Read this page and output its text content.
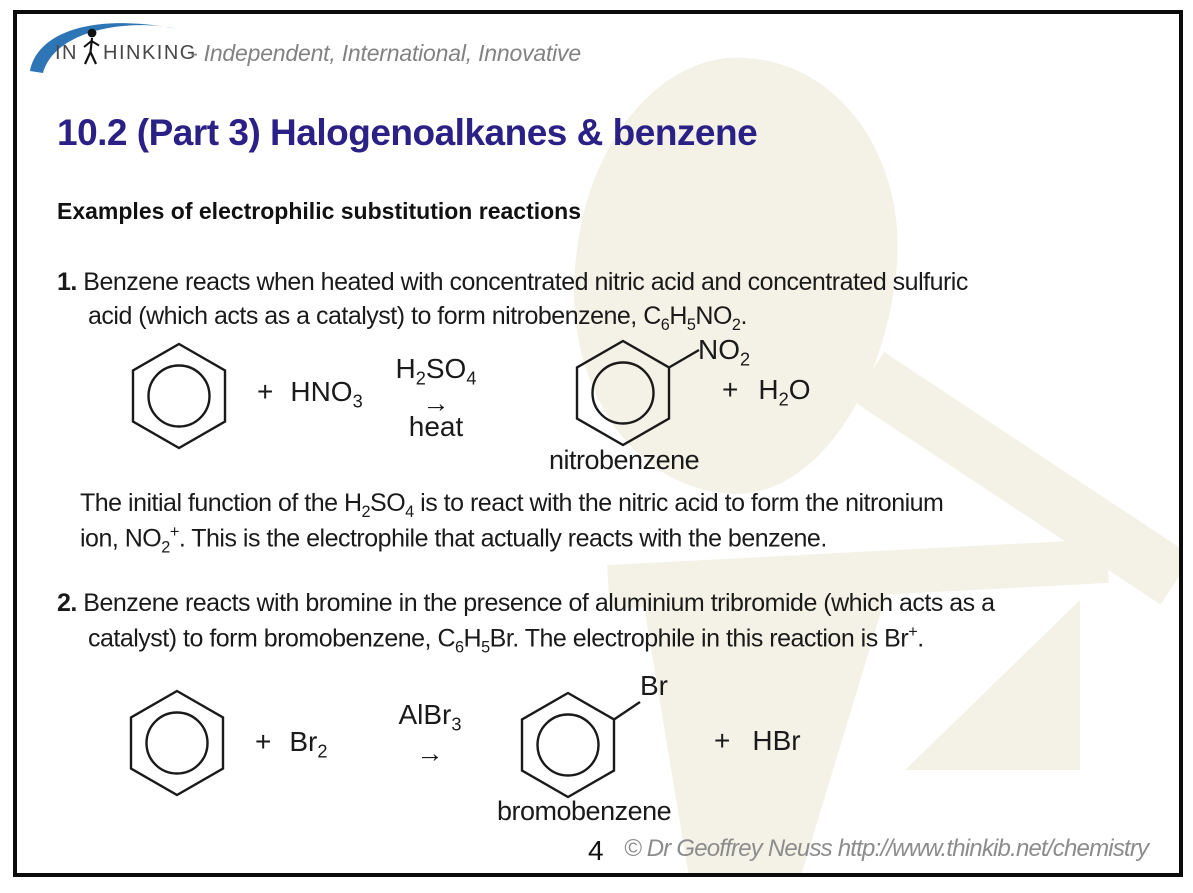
IN HINKING
- Independent, International, Innovative
10.2 (Part 3) Halogenoalkanes & benzene
Examples of electrophilic substitution reactions
1. Benzene reacts when heated with concentrated nitric acid and concentrated sulfuric
acid (which acts as a catalyst) to form nitrobenzene, $C_6H_5NO_2$.
+ $HNO_3$
$H_2SO_4$
→
heat
$NO_2$
+ $H_2O$
nitrobenzene
The initial function of the $H_2SO_4$ is to react with the nitric acid to form the nitronium
ion, $NO_2^+$. This is the electrophile that actually reacts with the benzene.
2. Benzene reacts with bromine in the presence of aluminium tribromide (which acts as a
catalyst) to form bromobenzene, $C_6H_5Br$. The electrophile in this reaction is Br+.
+ $Br_2$
AlBr$_3$
→
Br
+ HBr
bromobenzene
4 © Dr Geoffrey Neuss http://www.thinkib.net/chemistry
